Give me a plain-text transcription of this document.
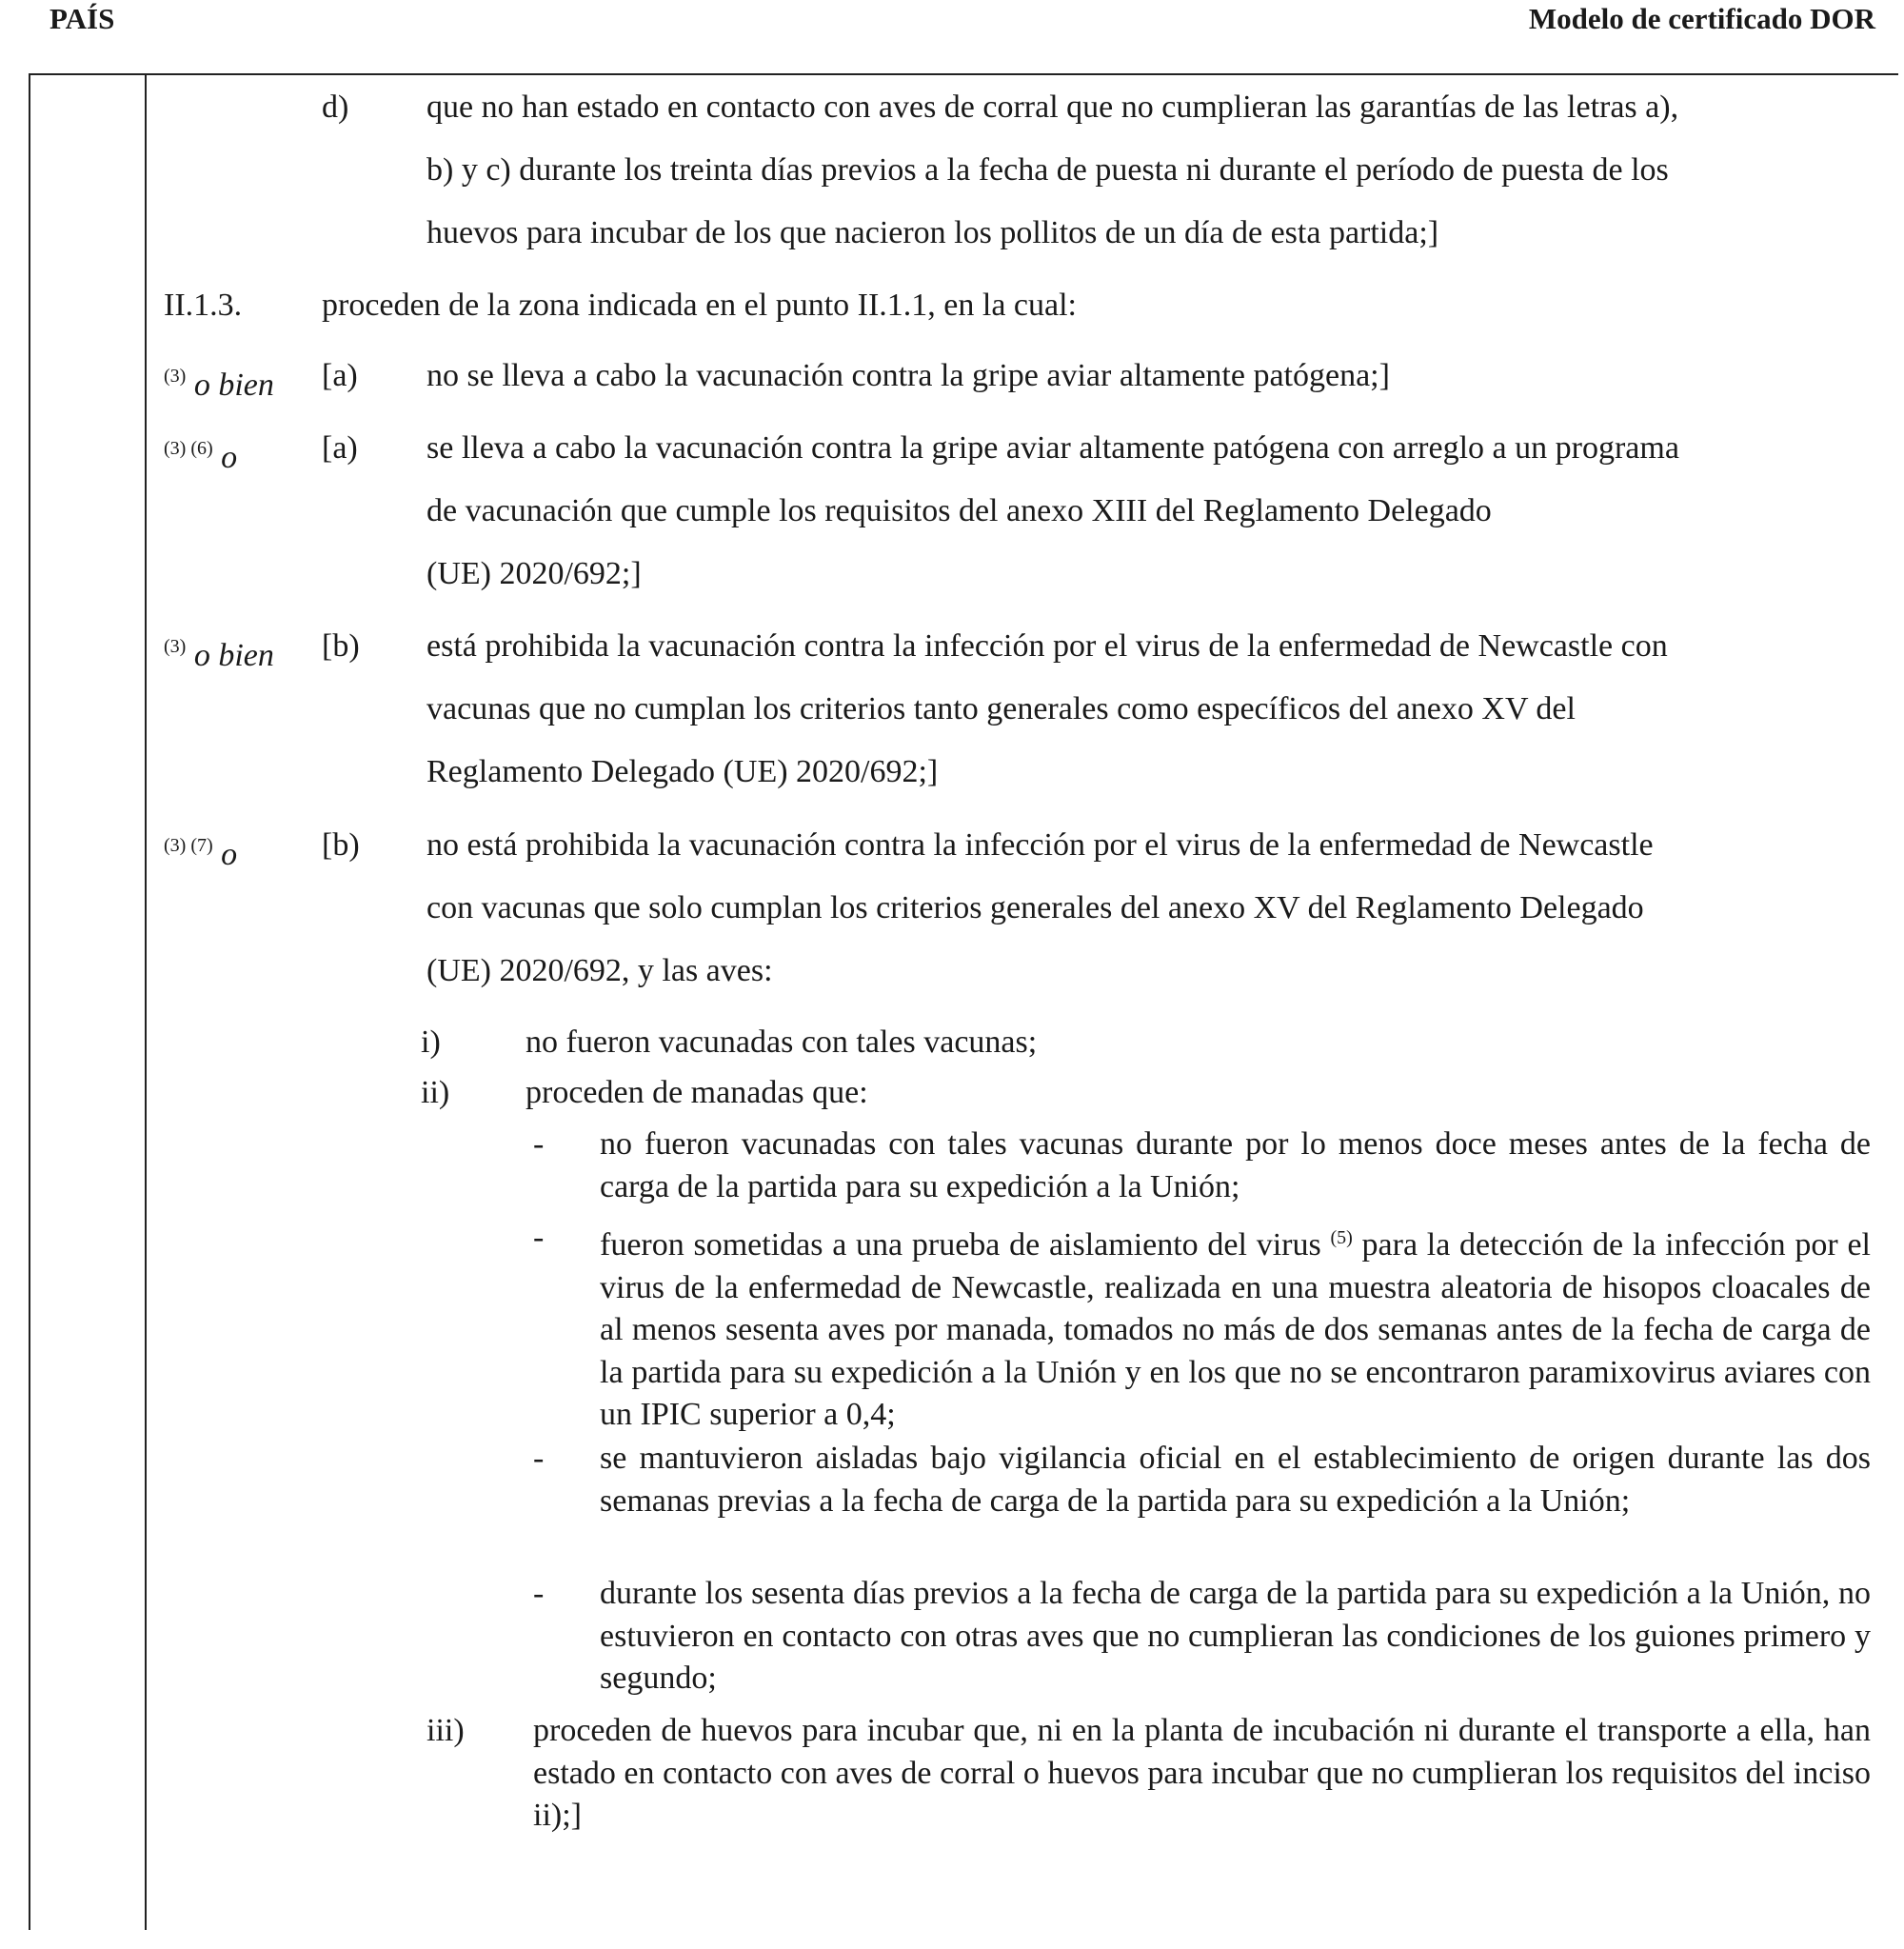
PAÍS	Modelo de certificado DOR
d) que no han estado en contacto con aves de corral que no cumplieran las garantías de las letras a),
b) y c) durante los treinta días previos a la fecha de puesta ni durante el período de puesta de los
huevos para incubar de los que nacieron los pollitos de un día de esta partida;]
II.1.3. proceden de la zona indicada en el punto II.1.1, en la cual:
$^{(3)}$ o bien [a) no se lleva a cabo la vacunación contra la gripe aviar altamente patógena;]
$^{(3) (6)}$ o	[a) se lleva a cabo la vacunación contra la gripe aviar altamente patógena con arreglo a un programa
de vacunación que cumple los requisitos del anexo XIII del Reglamento Delegado
(UE) 2020/692;]
$^{(3)}$ o bien [b) está prohibida la vacunación contra la infección por el virus de la enfermedad de Newcastle con
vacunas que no cumplan los criterios tanto generales como específicos del anexo XV del
Reglamento Delegado (UE) 2020/692;]
$^{(3) (7)}$ o	[b) no está prohibida la vacunación contra la infección por el virus de la enfermedad de Newcastle
con vacunas que solo cumplan los criterios generales del anexo XV del Reglamento Delegado
(UE) 2020/692, y las aves:
i)	no fueron vacunadas con tales vacunas;
ii) proceden de manadas que:
- no fueron vacunadas con tales vacunas durante por lo menos doce meses antes de la fecha de carga de la partida para su expedición a la Unión;
- fueron sometidas a una prueba de aislamiento del virus $^{(5)}$ para la detección de la infección por el virus de la enfermedad de Newcastle, realizada en una muestra aleatoria de hisopos cloacales de al menos sesenta aves por manada, tomados no más de dos semanas antes de la fecha de carga de la partida para su expedición a la Unión y en los que no se encontraron paramixovirus aviares con un IPIC superior a 0,4;
- se mantuvieron aisladas bajo vigilancia oficial en el establecimiento de origen durante las dos semanas previas a la fecha de carga de la partida para su expedición a la Unión;
- durante los sesenta días previos a la fecha de carga de la partida para su expedición a la Unión, no estuvieron en contacto con otras aves que no cumplieran las condiciones de los guiones primero y segundo;
iii) proceden de huevos para incubar que, ni en la planta de incubación ni durante el transporte a ella, han estado en contacto con aves de corral o huevos para incubar que no cumplieran los requisitos del inciso ii);]
